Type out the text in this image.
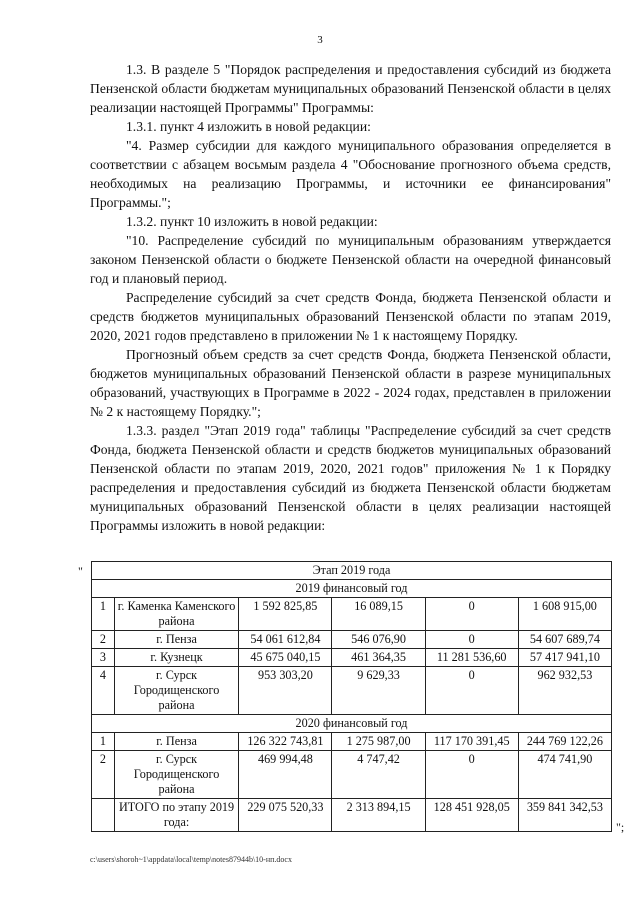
3

1.3. В разделе 5 "Порядок распределения и предоставления субсидий из бюджета Пензенской области бюджетам муниципальных образований Пензенской области в целях реализации настоящей Программы" Программы:

1.3.1. пункт 4 изложить в новой редакции:

"4. Размер субсидии для каждого муниципального образования определяется в соответствии с абзацем восьмым раздела 4 "Обоснование прогнозного объема средств, необходимых на реализацию Программы, и источники ее финансирования" Программы.";

1.3.2. пункт 10 изложить в новой редакции:

"10. Распределение субсидий по муниципальным образованиям утверждается законом Пензенской области о бюджете Пензенской области на очередной финансовый год и плановый период.

Распределение субсидий за счет средств Фонда, бюджета Пензенской области и средств бюджетов муниципальных образований Пензенской области по этапам 2019, 2020, 2021 годов представлено в приложении № 1 к настоящему Порядку.

Прогнозный объем средств за счет средств Фонда, бюджета Пензенской области, бюджетов муниципальных образований Пензенской области в разрезе муниципальных образований, участвующих в Программе в 2022 - 2024 годах, представлен в приложении № 2 к настоящему Порядку.";

1.3.3. раздел "Этап 2019 года" таблицы "Распределение субсидий за счет средств Фонда, бюджета Пензенской области и средств бюджетов муниципальных образований Пензенской области по этапам 2019, 2020, 2021 годов" приложения № 1 к Порядку распределения и предоставления субсидий из бюджета Пензенской области бюджетам муниципальных образований Пензенской области в целях реализации настоящей Программы изложить в новой редакции:

"	Этап 2019 года					
2019 финансовый год					
1	г. Каменка Каменского района	1 592 825,85	16 089,15	0	1 608 915,00
2	г. Пенза	54 061 612,84	546 076,90	0	54 607 689,74
3	г. Кузнецк	45 675 040,15	461 364,35	11 281 536,60	57 417 941,10
4	г. Сурск Городищенского района	953 303,20	9 629,33	0	962 932,53
2020 финансовый год					
1	г. Пенза	126 322 743,81	1 275 987,00	117 170 391,45	244 769 122,26
2	г. Сурск Городищенского района	469 994,48	4 747,42	0	474 741,90
	ИТОГО по этапу 2019 года:	229 075 520,33	2 313 894,15	128 451 928,05	359 841 342,53
";
c:\users\shoroh~1\appdata\local\temp\notes87944b\10-нп.docx
